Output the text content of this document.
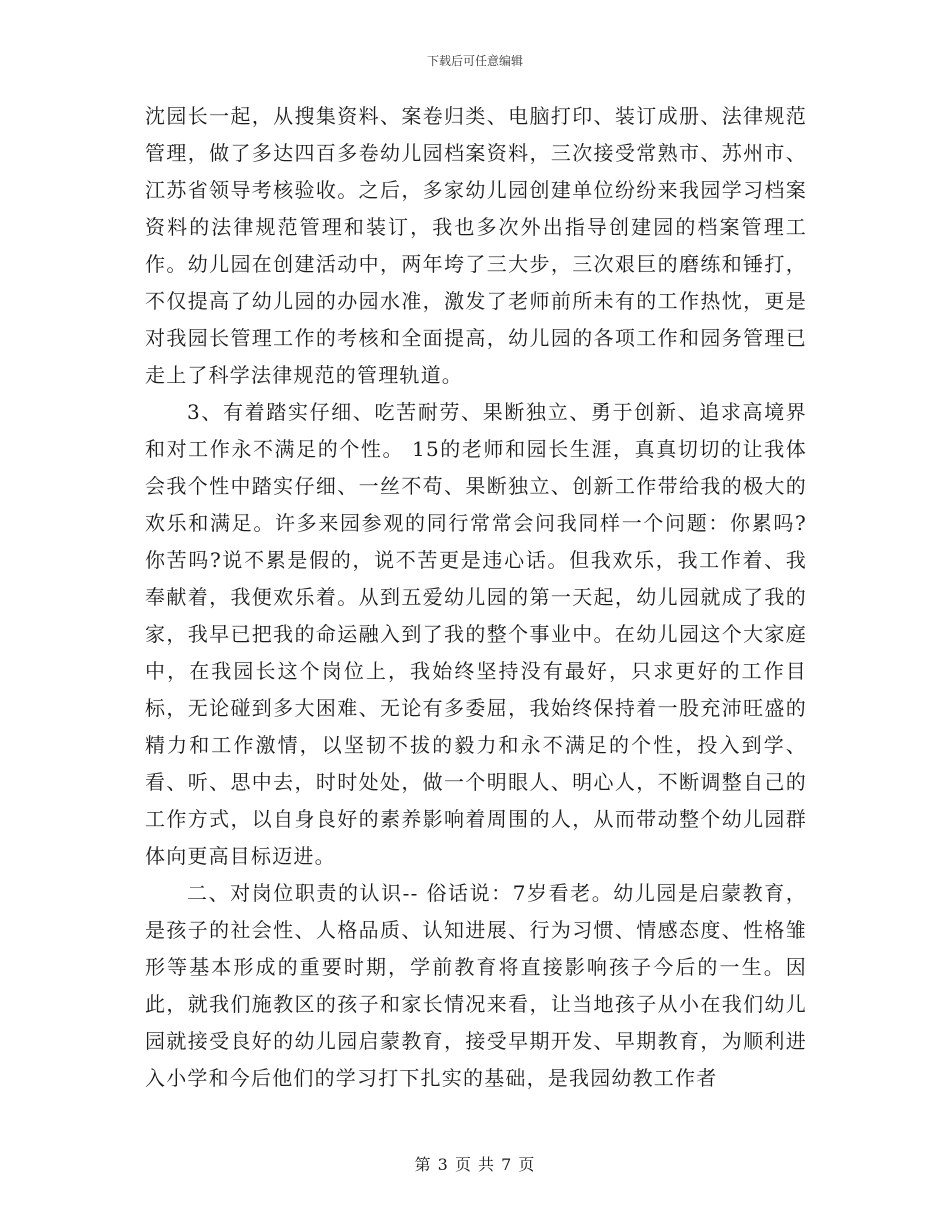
下载后可任意编辑

沈园长一起，从搜集资料、案卷归类、电脑打印、装订成册、法律规范管理，做了多达四百多卷幼儿园档案资料，三次接受常熟市、苏州市、江苏省领导考核验收。之后，多家幼儿园创建单位纷纷来我园学习档案资料的法律规范管理和装订，我也多次外出指导创建园的档案管理工作。幼儿园在创建活动中，两年垮了三大步，三次艰巨的磨练和锤打，不仅提高了幼儿园的办园水准，激发了老师前所未有的工作热忱，更是对我园长管理工作的考核和全面提高，幼儿园的各项工作和园务管理已走上了科学法律规范的管理轨道。

3、有着踏实仔细、吃苦耐劳、果断独立、勇于创新、追求高境界和对工作永不满足的个性。 15的老师和园长生涯，真真切切的让我体会我个性中踏实仔细、一丝不苟、果断独立、创新工作带给我的极大的欢乐和满足。许多来园参观的同行常常会问我同样一个问题：你累吗?你苦吗?说不累是假的，说不苦更是违心话。但我欢乐，我工作着、我奉献着，我便欢乐着。从到五爱幼儿园的第一天起，幼儿园就成了我的家，我早已把我的命运融入到了我的整个事业中。在幼儿园这个大家庭中，在我园长这个岗位上，我始终坚持没有最好，只求更好的工作目标，无论碰到多大困难、无论有多委屈，我始终保持着一股充沛旺盛的精力和工作激情，以坚韧不拔的毅力和永不满足的个性，投入到学、看、听、思中去，时时处处，做一个明眼人、明心人，不断调整自己的工作方式，以自身良好的素养影响着周围的人，从而带动整个幼儿园群体向更高目标迈进。

二、对岗位职责的认识-- 俗话说：7岁看老。幼儿园是启蒙教育，是孩子的社会性、人格品质、认知进展、行为习惯、情感态度、性格雏形等基本形成的重要时期，学前教育将直接影响孩子今后的一生。因此，就我们施教区的孩子和家长情况来看，让当地孩子从小在我们幼儿园就接受良好的幼儿园启蒙教育，接受早期开发、早期教育，为顺利进入小学和今后他们的学习打下扎实的基础，是我园幼教工作者

第 3 页 共 7 页
